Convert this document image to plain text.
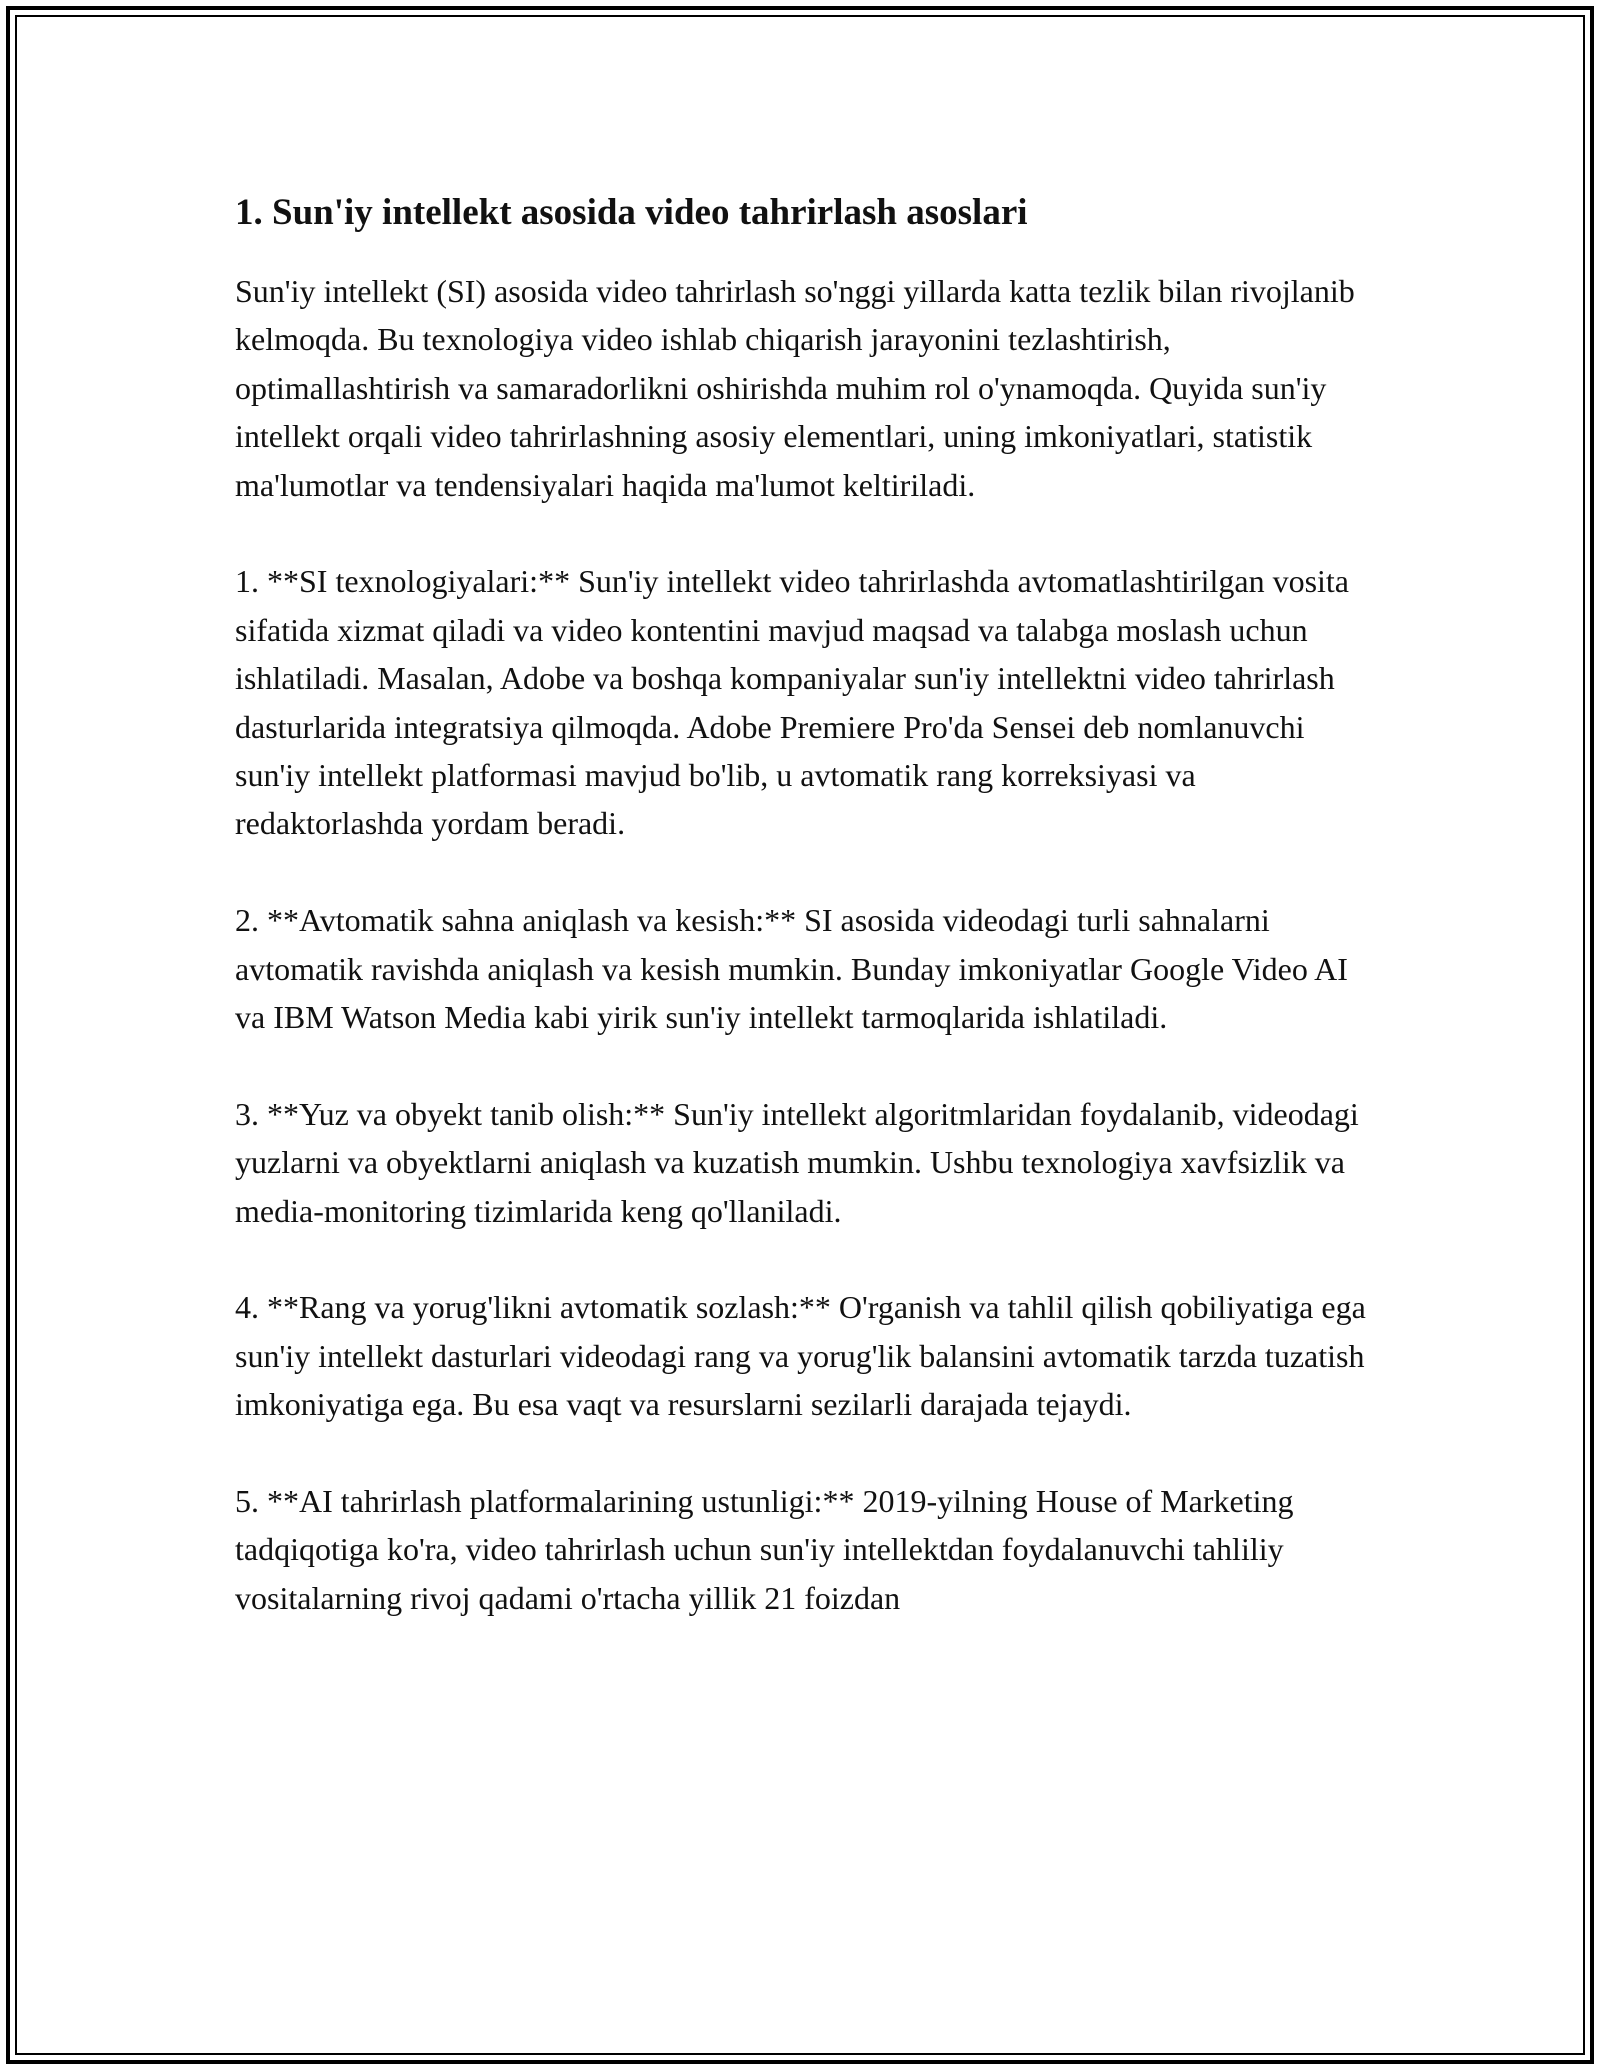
1. Sun'iy intellekt asosida video tahrirlash asoslari

Sun'iy intellekt (SI) asosida video tahrirlash so'nggi yillarda katta tezlik bilan rivojlanib kelmoqda. Bu texnologiya video ishlab chiqarish jarayonini tezlashtirish, optimallashtirish va samaradorlikni oshirishda muhim rol o'ynamoqda. Quyida sun'iy intellekt orqali video tahrirlashning asosiy elementlari, uning imkoniyatlari, statistik ma'lumotlar va tendensiyalari haqida ma'lumot keltiriladi.

1. **SI texnologiyalari:** Sun'iy intellekt video tahrirlashda avtomatlashtirilgan vosita sifatida xizmat qiladi va video kontentini mavjud maqsad va talabga moslash uchun ishlatiladi. Masalan, Adobe va boshqa kompaniyalar sun'iy intellektni video tahrirlash dasturlarida integratsiya qilmoqda. Adobe Premiere Pro'da Sensei deb nomlanuvchi sun'iy intellekt platformasi mavjud bo'lib, u avtomatik rang korreksiyasi va redaktorlashda yordam beradi.

2. **Avtomatik sahna aniqlash va kesish:** SI asosida videodagi turli sahnalarni avtomatik ravishda aniqlash va kesish mumkin. Bunday imkoniyatlar Google Video AI va IBM Watson Media kabi yirik sun'iy intellekt tarmoqlarida ishlatiladi.

3. **Yuz va obyekt tanib olish:** Sun'iy intellekt algoritmlaridan foydalanib, videodagi yuzlarni va obyektlarni aniqlash va kuzatish mumkin. Ushbu texnologiya xavfsizlik va media-monitoring tizimlarida keng qo'llaniladi.

4. **Rang va yorug'likni avtomatik sozlash:** O'rganish va tahlil qilish qobiliyatiga ega sun'iy intellekt dasturlari videodagi rang va yorug'lik balansini avtomatik tarzda tuzatish imkoniyatiga ega. Bu esa vaqt va resurslarni sezilarli darajada tejaydi.

5. **AI tahrirlash platformalarining ustunligi:** 2019-yilning House of Marketing tadqiqotiga ko'ra, video tahrirlash uchun sun'iy intellektdan foydalanuvchi tahliliy vositalarning rivoj qadami o'rtacha yillik 21 foizdan
